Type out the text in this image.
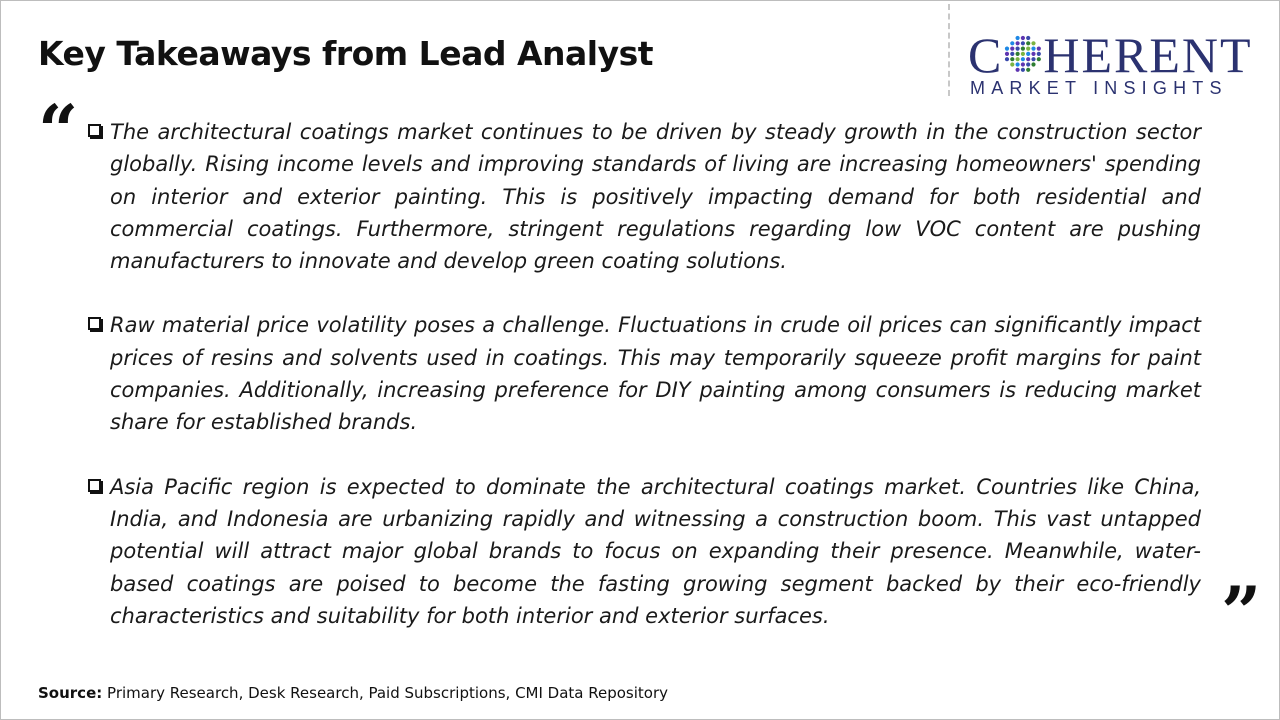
Key Takeaways from Lead Analyst	C HERENT
MARKET INSIGHTS
“	The architectural coatings market continues to be driven by steady growth in the construction sector globally. Rising income levels and improving standards of living are increasing homeowners' spending on interior and exterior painting. This is positively impacting demand for both residential and commercial coatings. Furthermore, stringent regulations regarding low VOC content are pushing manufacturers to innovate and develop green coating solutions.
Raw material price volatility poses a challenge. Fluctuations in crude oil prices can significantly impact prices of resins and solvents used in coatings. This may temporarily squeeze profit margins for paint companies. Additionally, increasing preference for DIY painting among consumers is reducing market share for established brands.
Asia Pacific region is expected to dominate the architectural coatings market. Countries like China, India, and Indonesia are urbanizing rapidly and witnessing a construction boom. This vast untapped potential will attract major global brands to focus on expanding their presence. Meanwhile, water-based coatings are poised to become the fasting growing segment backed by their eco-friendly characteristics and suitability for both interior and exterior surfaces.	”
Source: Primary Research, Desk Research, Paid Subscriptions, CMI Data Repository
